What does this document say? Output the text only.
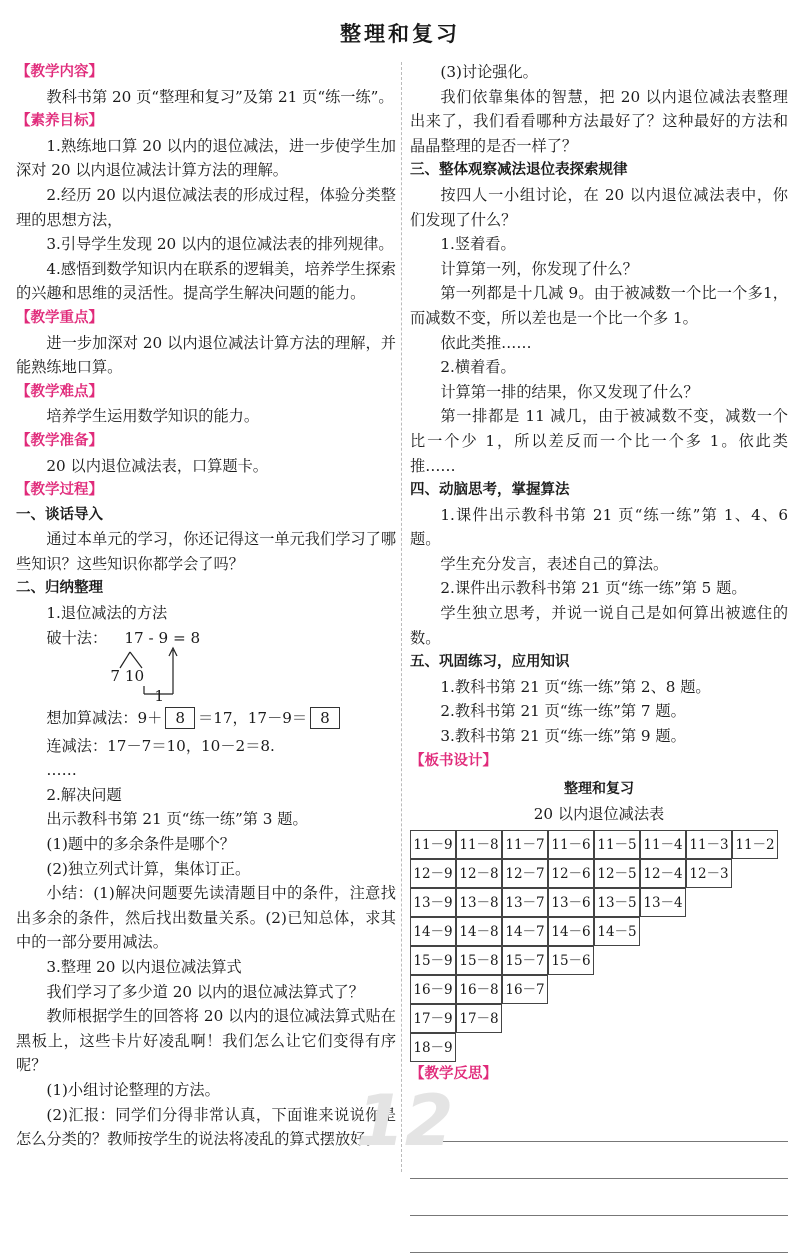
整理和复习

【教学内容】

教科书第 20 页“整理和复习”及第 21 页“练一练”。

【素养目标】

1.熟练地口算 20 以内的退位减法，进一步使学生加深对 20 以内退位减法计算方法的理解。

2.经历 20 以内退位减法表的形成过程，体验分类整理的思想方法，

3.引导学生发现 20 以内的退位减法表的排列规律。

4.感悟到数学知识内在联系的逻辑美，培养学生探索的兴趣和思维的灵活性。提高学生解决问题的能力。

【教学重点】

进一步加深对 20 以内退位减法计算方法的理解，并能熟练地口算。

【教学难点】

培养学生运用数学知识的能力。

【教学准备】

20 以内退位减法表，口算题卡。

【教学过程】

一、谈话导入

通过本单元的学习，你还记得这一单元我们学习了哪些知识？这些知识你都学会了吗？

二、归纳整理

1.退位减法的方法

破十法： 17 - 9 = 8
7 10
1

想加算减法：9＋ 8 ＝17，17－9＝ 8

连减法：17－7＝10，10－2＝8.

……

2.解决问题

出示教科书第 21 页“练一练”第 3 题。

(1)题中的多余条件是哪个？

(2)独立列式计算，集体订正。

小结：(1)解决问题要先读清题目中的条件，注意找出多余的条件，然后找出数量关系。(2)已知总体，求其中的一部分要用减法。

3.整理 20 以内退位减法算式

我们学习了多少道 20 以内的退位减法算式了？

教师根据学生的回答将 20 以内的退位减法算式贴在黑板上，这些卡片好凌乱啊！我们怎么让它们变得有序呢？

(1)小组讨论整理的方法。

(2)汇报：同学们分得非常认真，下面谁来说说你是怎么分类的？教师按学生的说法将凌乱的算式摆放好。

(3)讨论强化。

我们依靠集体的智慧，把 20 以内退位减法表整理出来了，我们看看哪种方法最好了？这种最好的方法和晶晶整理的是否一样了？

三、整体观察减法退位表探索规律

按四人一小组讨论，在 20 以内退位减法表中，你们发现了什么？

1.竖着看。

计算第一列，你发现了什么？

第一列都是十几减 9。由于被减数一个比一个多1，而减数不变，所以差也是一个比一个多 1。

依此类推……

2.横着看。

计算第一排的结果，你又发现了什么？

第一排都是 11 减几，由于被减数不变，减数一个比一个少 1，所以差反而一个比一个多 1。依此类推……

四、动脑思考，掌握算法

1.课件出示教科书第 21 页“练一练”第 1、4、6 题。

学生充分发言，表述自己的算法。

2.课件出示教科书第 21 页“练一练”第 5 题。

学生独立思考，并说一说自己是如何算出被遮住的数。

五、巩固练习，应用知识

1.教科书第 21 页“练一练”第 2、8 题。

2.教科书第 21 页“练一练”第 7 题。

3.教科书第 21 页“练一练”第 9 题。

【板书设计】

整理和复习

20 以内退位减法表

11－9 11－8 11－7 11－6 11－5 11－4 11－3 11－2
12－9 12－8 12－7 12－6 12－5 12－4 12－3
13－9 13－8 13－7 13－6 13－5 13－4
14－9 14－8 14－7 14－6 14－5
15－9 15－8 15－7 15－6
16－9 16－8 16－7
17－9 17－8
18－9

【教学反思】

12
